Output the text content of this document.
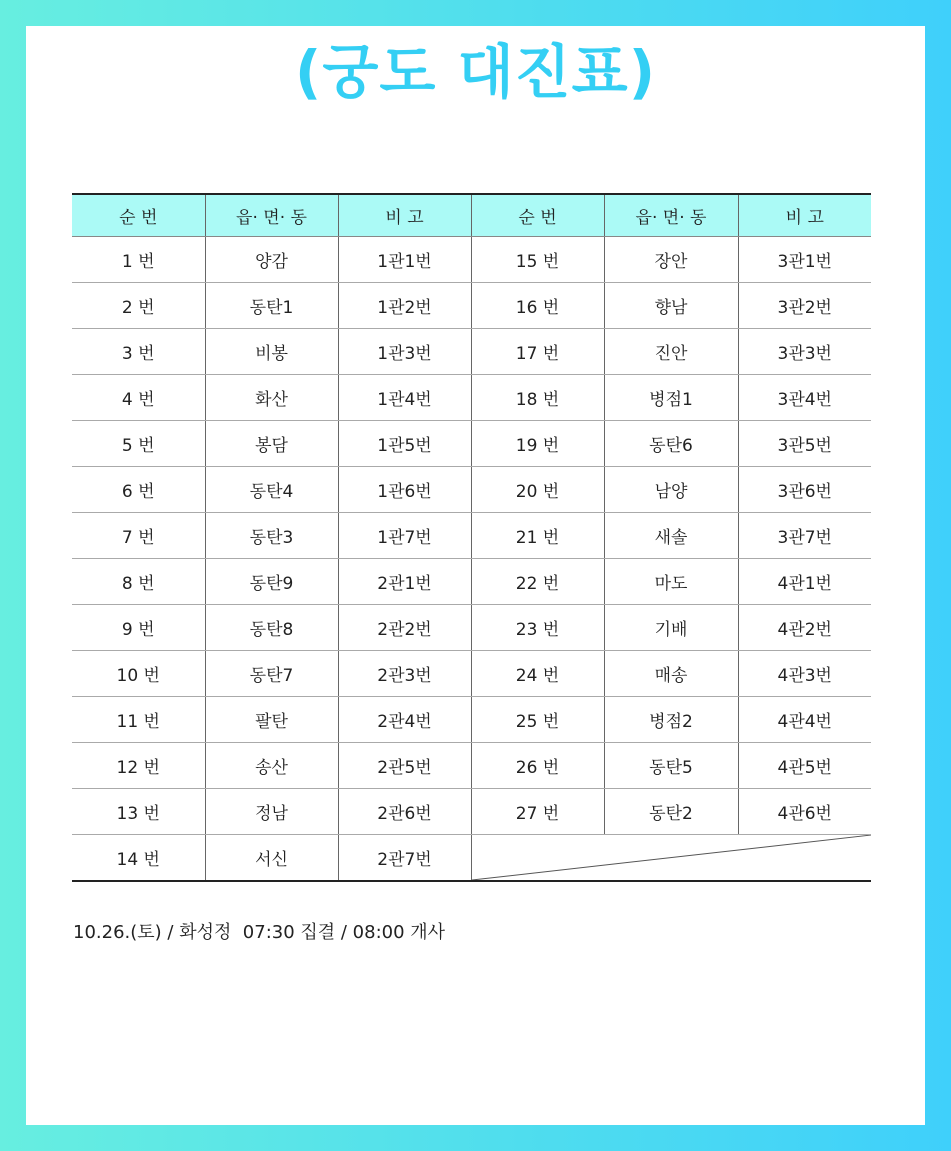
(궁도 대진표)
순 번	읍· 면· 동	비 고	순 번	읍· 면· 동	비 고
1 번	양감	1관1번	15 번	장안	3관1번
2 번	동탄1	1관2번	16 번	향남	3관2번
3 번	비봉	1관3번	17 번	진안	3관3번
4 번	화산	1관4번	18 번	병점1	3관4번
5 번	봉담	1관5번	19 번	동탄6	3관5번
6 번	동탄4	1관6번	20 번	남양	3관6번
7 번	동탄3	1관7번	21 번	새솔	3관7번
8 번	동탄9	2관1번	22 번	마도	4관1번
9 번	동탄8	2관2번	23 번	기배	4관2번
10 번	동탄7	2관3번	24 번	매송	4관3번
11 번	팔탄	2관4번	25 번	병점2	4관4번
12 번	송산	2관5번	26 번	동탄5	4관5번
13 번	정남	2관6번	27 번	동탄2	4관6번
14 번	서신	2관7번	
10.26.(토) / 화성정  07:30 집결 / 08:00 개사
